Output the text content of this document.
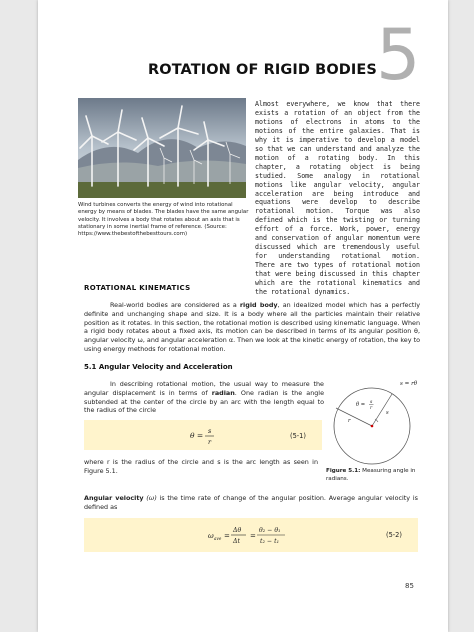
ROTATION OF RIGID BODIES 5

Wind turbines converts the energy of wind into rotational energy by means of blades. The blades have the same angular velocity. It involves a body that rotates about an axis that is stationary in some inertial frame of reference. (Source: https://www.thebestofthebesttours.com)

Almost everywhere, we know that there exists a rotation of an object from the motions of electrons in atoms to the motions of the entire galaxies. That is why it is imperative to develop a model so that we can understand and analyze the motion of a rotating body. In this chapter, a rotating object is being studied. Some analogy in rotational motions like angular velocity, angular acceleration are being introduce and equations were develop to describe rotational motion. Torque was also defined which is the twisting or turning effort of a force. Work, power, energy and conservation of angular momentum were discussed which are tremendously useful for understanding rotational motion. There are two types of rotational motion that were being discussed in this chapter which are the rotational kinematics and the rotational dynamics.

ROTATIONAL KINEMATICS

Real-world bodies are considered as a rigid body, an idealized model which has a perfectly definite and unchanging shape and size. It is a body where all the particles maintain their relative position as it rotates. In this section, the rotational motion is described using kinematic language. When a rigid body rotates about a fixed axis, its motion can be described in terms of its angular position θ, angular velocity ω, and angular acceleration α. Then we look at the kinetic energy of rotation, the key to using energy methods for rotational motion.

5.1 Angular Velocity and Acceleration

In describing rotational motion, the usual way to measure the angular displacement is in terms of radian. One radian is the angle subtended at the center of the circle by an arc with the length equal to the radius of the circle

θ = s
r
(5-1)

where r is the radius of the circle and s is the arc length as seen in Figure 5.1.

s = rθ
θ = s
r
s
r

Figure 5.1: Measuring angle in radians.

Angular velocity (ω) is the time rate of change of the angular position. Average angular velocity is defined as

ω ave =
Δθ
Δt
=
θ₂ − θ₁
t₂ − t₁
(5-2)
85
